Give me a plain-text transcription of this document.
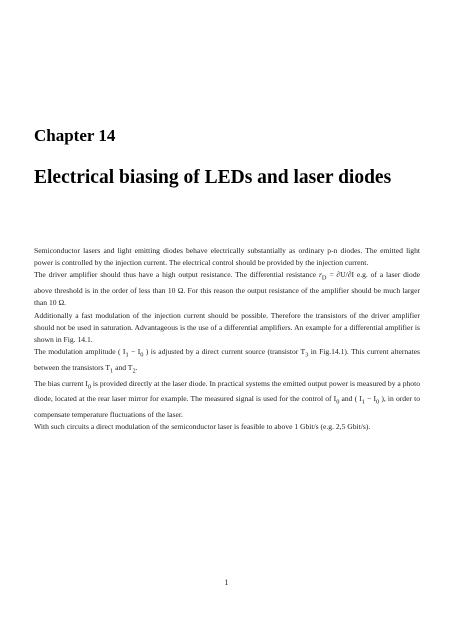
Chapter 14
Electrical biasing of LEDs and laser diodes

Semiconductor lasers and light emitting diodes behave electrically substantially as ordinary p-n diodes. The emitted light power is controlled by the injection current. The electrical control should be provided by the injection current.

The driver amplifier should thus have a high output resistance. The differential resistance $r_D = \partial U/\partial I$ e.g. of a laser diode above threshold is in the order of less than 10 Ω. For this reason the output resistance of the amplifier should be much larger than 10 Ω.

Additionally a fast modulation of the injection current should be possible. Therefore the transistors of the driver amplifier should not be used in saturation. Advantageous is the use of a differential amplifiers. An example for a differential amplifier is shown in Fig. 14.1.

The modulation amplitude ( $I_1 - I_0$ ) is adjusted by a direct current source (transistor $T_3$ in Fig.14.1). This current alternates between the transistors $T_1$ and $T_2$.

The bias current $I_0$ is provided directly at the laser diode. In practical systems the emitted output power is measured by a photo diode, located at the rear laser mirror for example. The measured signal is used for the control of $I_0$ and ( $I_1 - I_0$ ), in order to compensate temperature fluctuations of the laser.

With such circuits a direct modulation of the semiconductor laser is feasible to above 1 Gbit/s (e.g. 2,5 Gbit/s).

1
